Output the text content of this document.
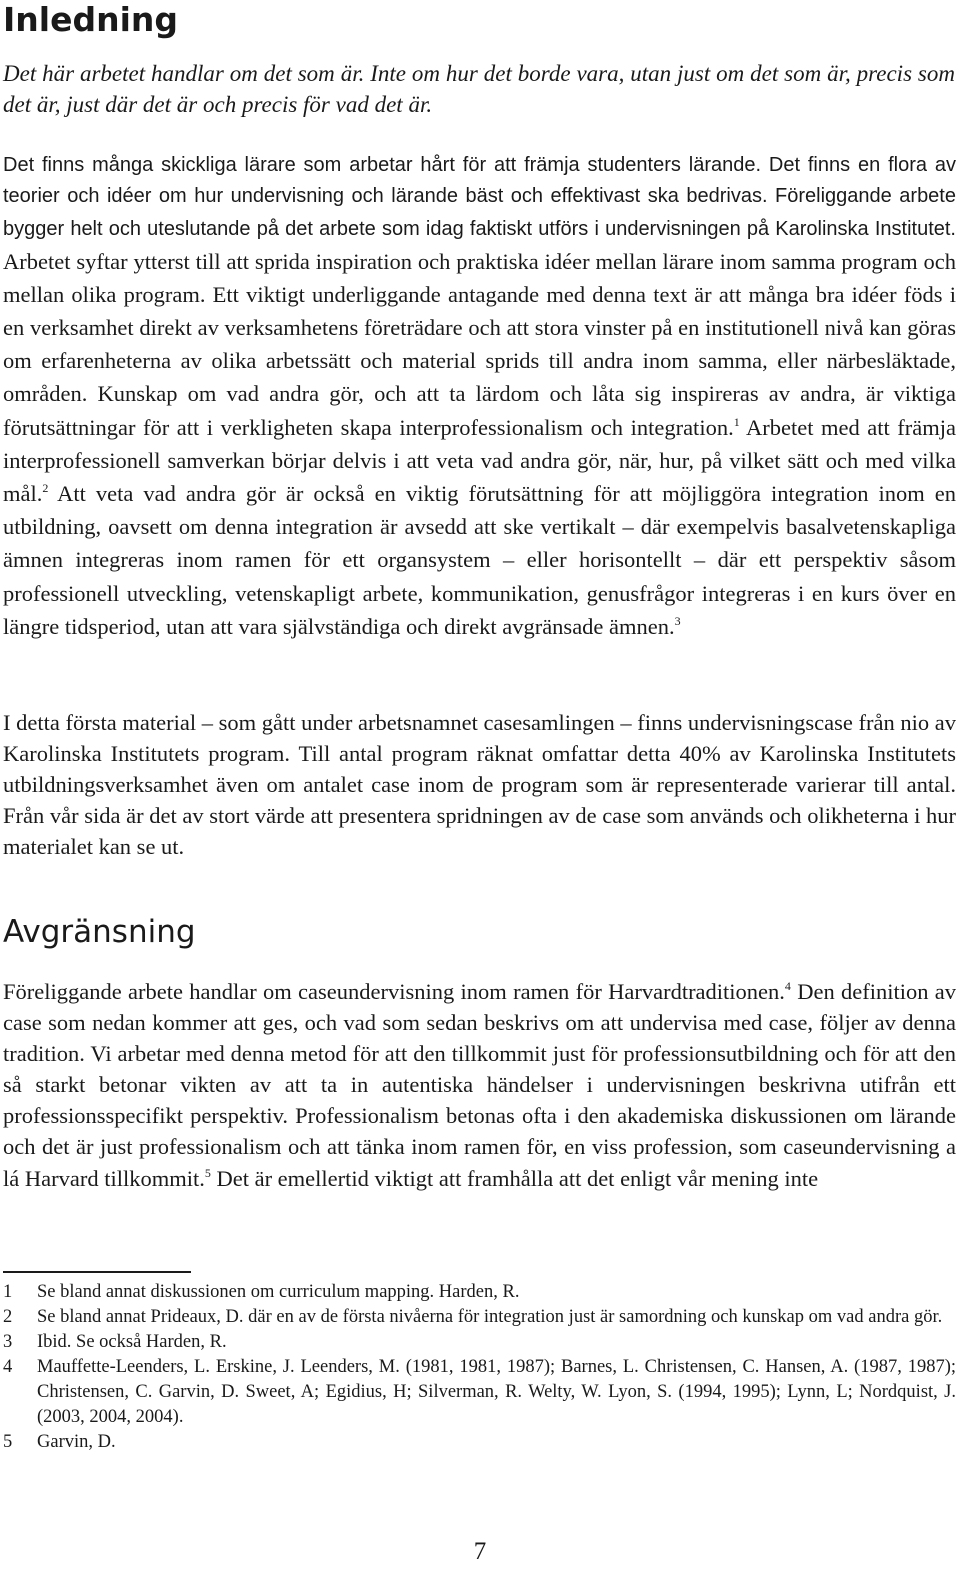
Inledning

Det här arbetet handlar om det som är. Inte om hur det borde vara, utan just om det som är, precis som det är, just där det är och precis för vad det är.

Det finns många skickliga lärare som arbetar hårt för att främja studenters lärande. Det finns en flora av teorier och idéer om hur undervisning och lärande bäst och effektivast ska bedrivas. Föreliggande arbete bygger helt och uteslutande på det arbete som idag faktiskt utförs i undervisningen på Karolinska Institutet. Arbetet syftar ytterst till att sprida inspiration och praktiska idéer mellan lärare inom samma program och mellan olika program. Ett viktigt underliggande antagande med denna text är att många bra idéer föds i en verksamhet direkt av verksamhetens företrädare och att stora vinster på en institutionell nivå kan göras om erfarenheterna av olika arbetssätt och material sprids till andra inom samma, eller närbesläktade, områden. Kunskap om vad andra gör, och att ta lärdom och låta sig inspireras av andra, är viktiga förutsättningar för att i verkligheten skapa interprofessionalism och integration.$^1$ Arbetet med att främja interprofessionell samverkan börjar delvis i att veta vad andra gör, när, hur, på vilket sätt och med vilka mål.$^2$ Att veta vad andra gör är också en viktig förutsättning för att möjliggöra integration inom en utbildning, oavsett om denna integration är avsedd att ske vertikalt – där exempelvis basalvetenskapliga ämnen integreras inom ramen för ett organsystem – eller horisontellt – där ett perspektiv såsom professionell utveckling, vetenskapligt arbete, kommunikation, genusfrågor integreras i en kurs över en längre tidsperiod, utan att vara självständiga och direkt avgränsade ämnen.$^3$

I detta första material – som gått under arbetsnamnet casesamlingen – finns undervisningscase från nio av Karolinska Institutets program. Till antal program räknat omfattar detta 40% av Karolinska Institutets utbildningsverksamhet även om antalet case inom de program som är representerade varierar till antal. Från vår sida är det av stort värde att presentera spridningen av de case som används och olikheterna i hur materialet kan se ut.

Avgränsning

Föreliggande arbete handlar om caseundervisning inom ramen för Harvardtraditionen.$^4$ Den definition av case som nedan kommer att ges, och vad som sedan beskrivs om att undervisa med case, följer av denna tradition. Vi arbetar med denna metod för att den tillkommit just för professionsutbildning och för att den så starkt betonar vikten av att ta in autentiska händelser i undervisningen beskrivna utifrån ett professionsspecifikt perspektiv. Professionalism betonas ofta i den akademiska diskussionen om lärande och det är just professionalism och att tänka inom ramen för, en viss profession, som caseundervisning a lá Harvard tillkommit.$^5$ Det är emellertid viktigt att framhålla att det enligt vår mening inte

1 Se bland annat diskussionen om curriculum mapping. Harden, R.
2 Se bland annat Prideaux, D. där en av de första nivåerna för integration just är samordning och kunskap om vad andra gör.
3 Ibid. Se också Harden, R.
4 Mauffette-Leenders, L. Erskine, J. Leenders, M. (1981, 1981, 1987); Barnes, L. Christensen, C. Hansen, A. (1987, 1987); Christensen, C. Garvin, D. Sweet, A; Egidius, H; Silverman, R. Welty, W. Lyon, S. (1994, 1995); Lynn, L; Nordquist, J. (2003, 2004, 2004).
5 Garvin, D.
7
